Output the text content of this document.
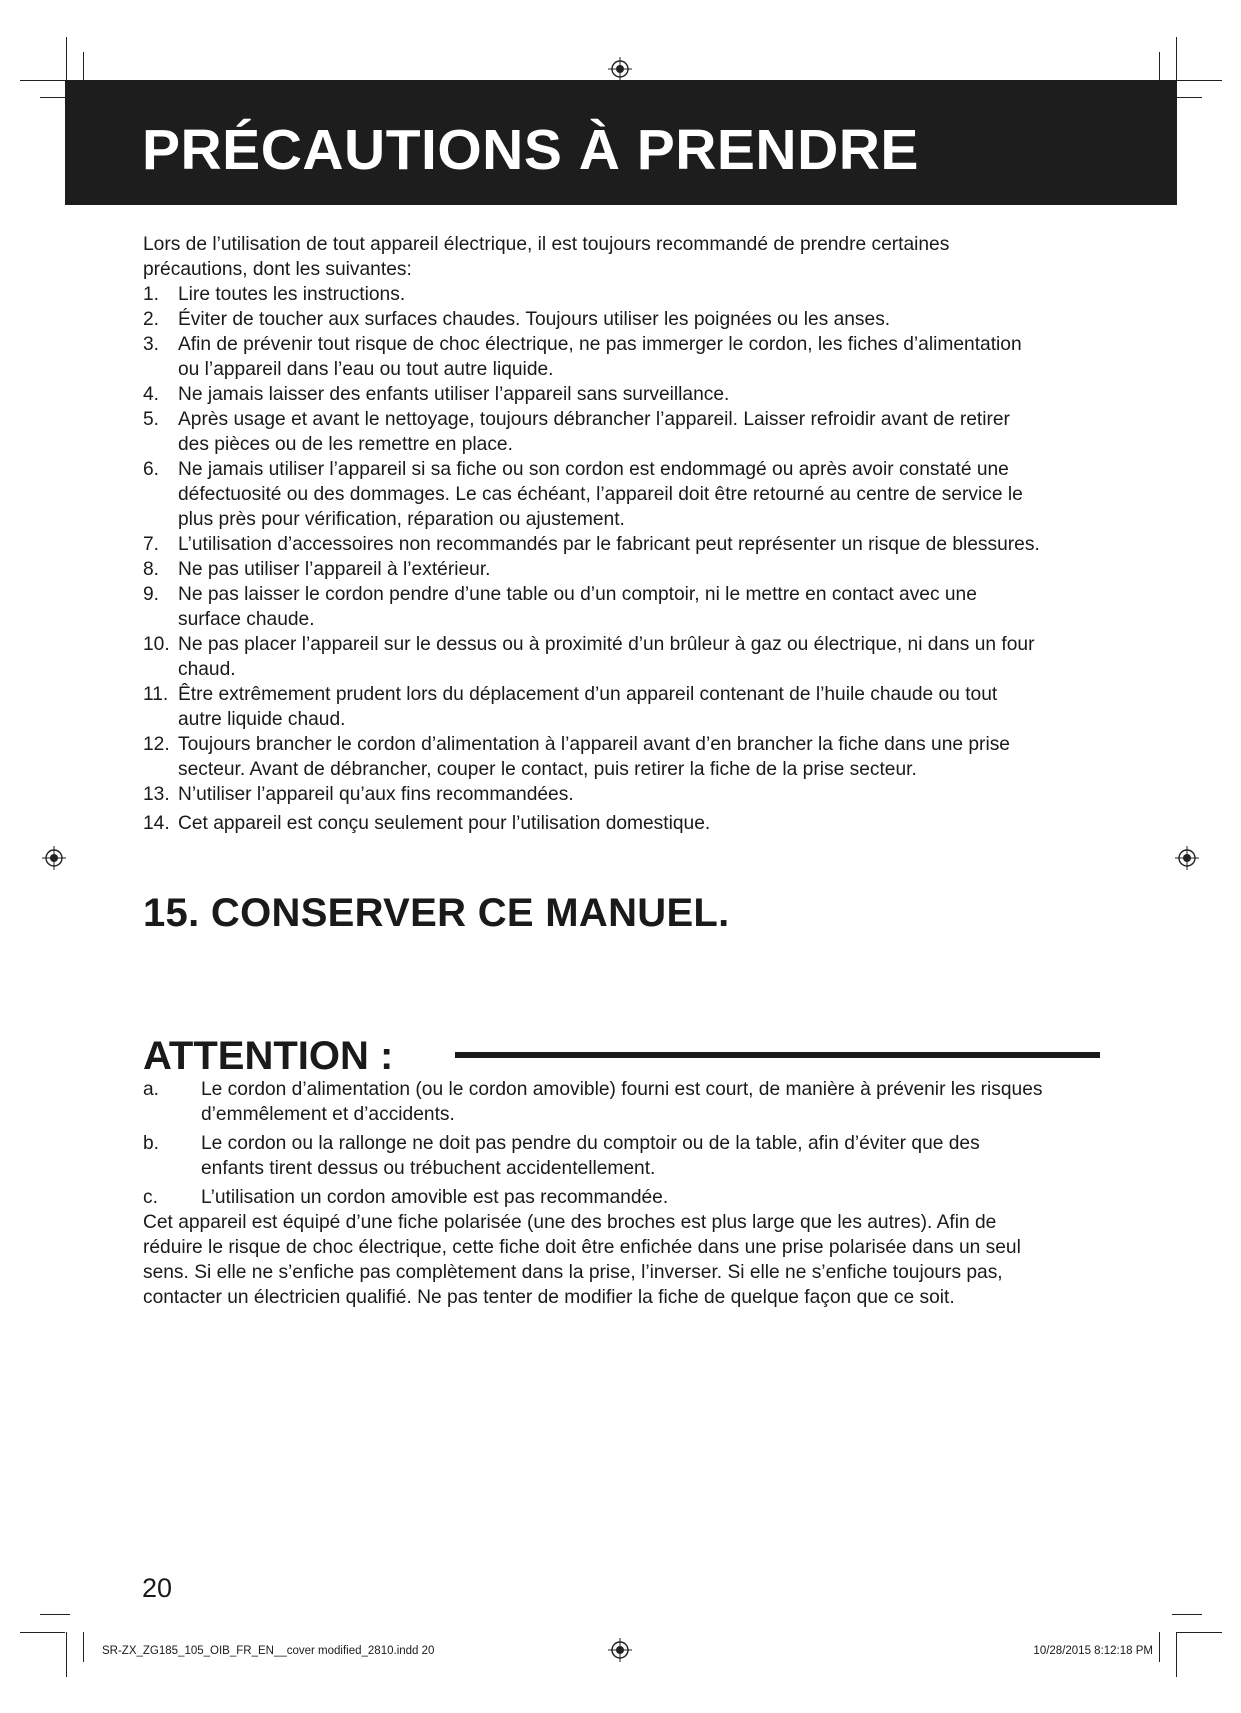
PRÉCAUTIONS À PRENDRE

Lors de l’utilisation de tout appareil électrique, il est toujours recommandé de prendre certaines précautions, dont les suivantes:

1. Lire toutes les instructions.
2. Éviter de toucher aux surfaces chaudes. Toujours utiliser les poignées ou les anses.
3. Afin de prévenir tout risque de choc électrique, ne pas immerger le cordon, les fiches d’alimentation ou l’appareil dans l’eau ou tout autre liquide.
4. Ne jamais laisser des enfants utiliser l’appareil sans surveillance.
5. Après usage et avant le nettoyage, toujours débrancher l’appareil. Laisser refroidir avant de retirer des pièces ou de les remettre en place.
6. Ne jamais utiliser l’appareil si sa fiche ou son cordon est endommagé ou après avoir constaté une défectuosité ou des dommages. Le cas échéant, l’appareil doit être retourné au centre de service le plus près pour vérification, réparation ou ajustement.
7. L’utilisation d’accessoires non recommandés par le fabricant peut représenter un risque de blessures.
8. Ne pas utiliser l’appareil à l’extérieur.
9. Ne pas laisser le cordon pendre d’une table ou d’un comptoir, ni le mettre en contact avec une surface chaude.
10. Ne pas placer l’appareil sur le dessus ou à proximité d’un brûleur à gaz ou électrique, ni dans un four chaud.
11. Être extrêmement prudent lors du déplacement d’un appareil contenant de l’huile chaude ou tout autre liquide chaud.
12. Toujours brancher le cordon d’alimentation à l’appareil avant d’en brancher la fiche dans une prise secteur. Avant de débrancher, couper le contact, puis retirer la fiche de la prise secteur.
13. N’utiliser l’appareil qu’aux fins recommandées.
14. Cet appareil est conçu seulement pour l’utilisation domestique.
15. CONSERVER CE MANUEL.
ATTENTION :
a. Le cordon d’alimentation (ou le cordon amovible) fourni est court, de manière à prévenir les risques d’emmêlement et d’accidents.
b. Le cordon ou la rallonge ne doit pas pendre du comptoir ou de la table, afin d’éviter que des enfants tirent dessus ou trébuchent accidentellement.
c. L’utilisation un cordon amovible est pas recommandée.

Cet appareil est équipé d’une fiche polarisée (une des broches est plus large que les autres). Afin de réduire le risque de choc électrique, cette fiche doit être enfichée dans une prise polarisée dans un seul sens. Si elle ne s’enfiche pas complètement dans la prise, l’inverser. Si elle ne s’enfiche toujours pas, contacter un électricien qualifié. Ne pas tenter de modifier la fiche de quelque façon que ce soit.

20
SR-ZX_ZG185_105_OIB_FR_EN__cover modified_2810.indd 20	10/28/2015 8:12:18 PM
